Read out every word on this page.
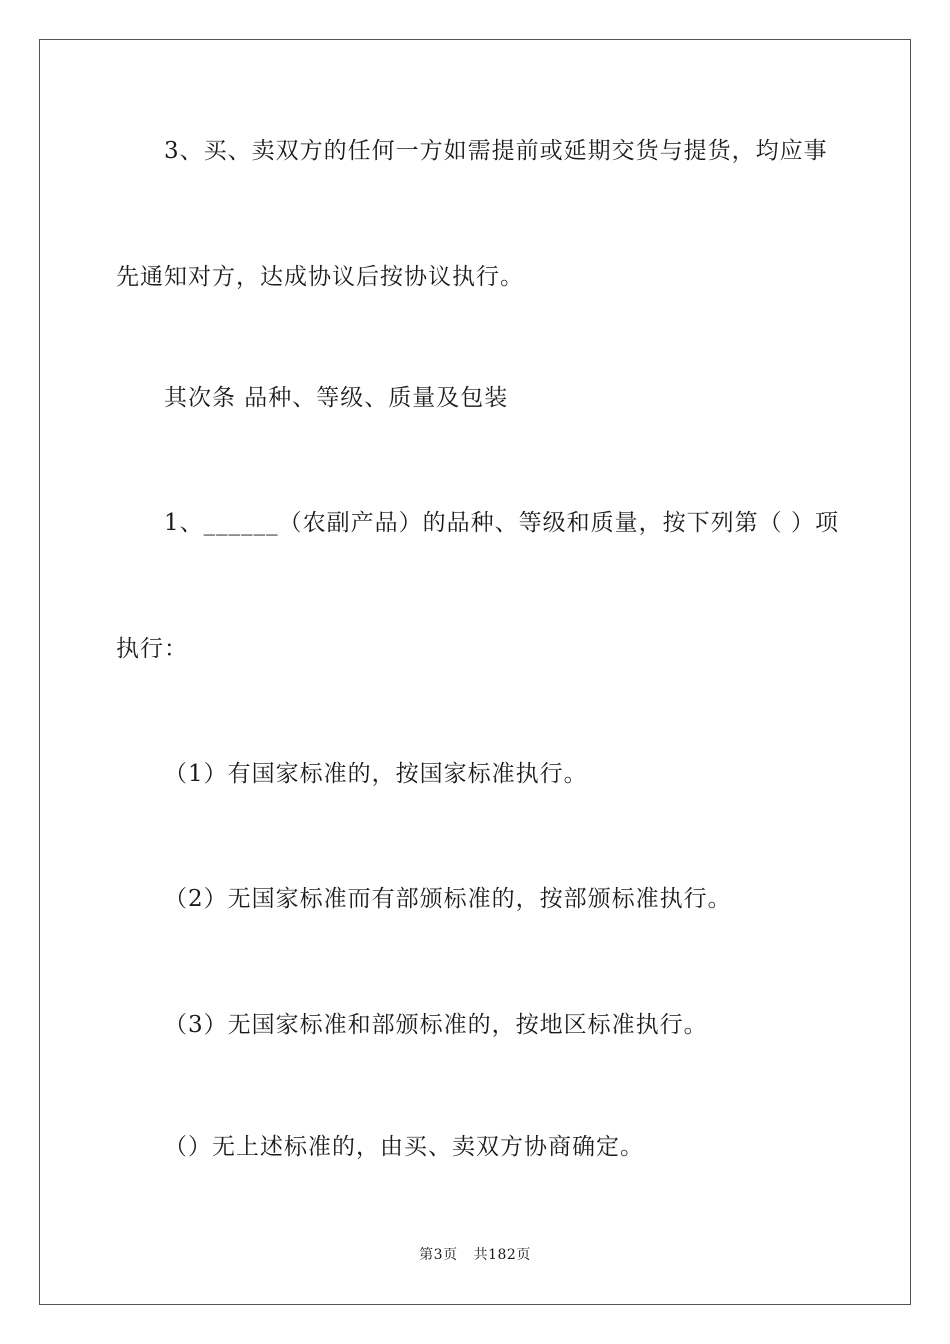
3、买、卖双方的任何一方如需提前或延期交货与提货，均应事
先通知对方，达成协议后按协议执行。
其次条 品种、等级、质量及包装
1、______（农副产品）的品种、等级和质量，按下列第（ ）项
执行：
（1）有国家标准的，按国家标准执行。
（2）无国家标准而有部颁标准的，按部颁标准执行。
（3）无国家标准和部颁标准的，按地区标准执行。
（）无上述标准的，由买、卖双方协商确定。
第3页 共182页
